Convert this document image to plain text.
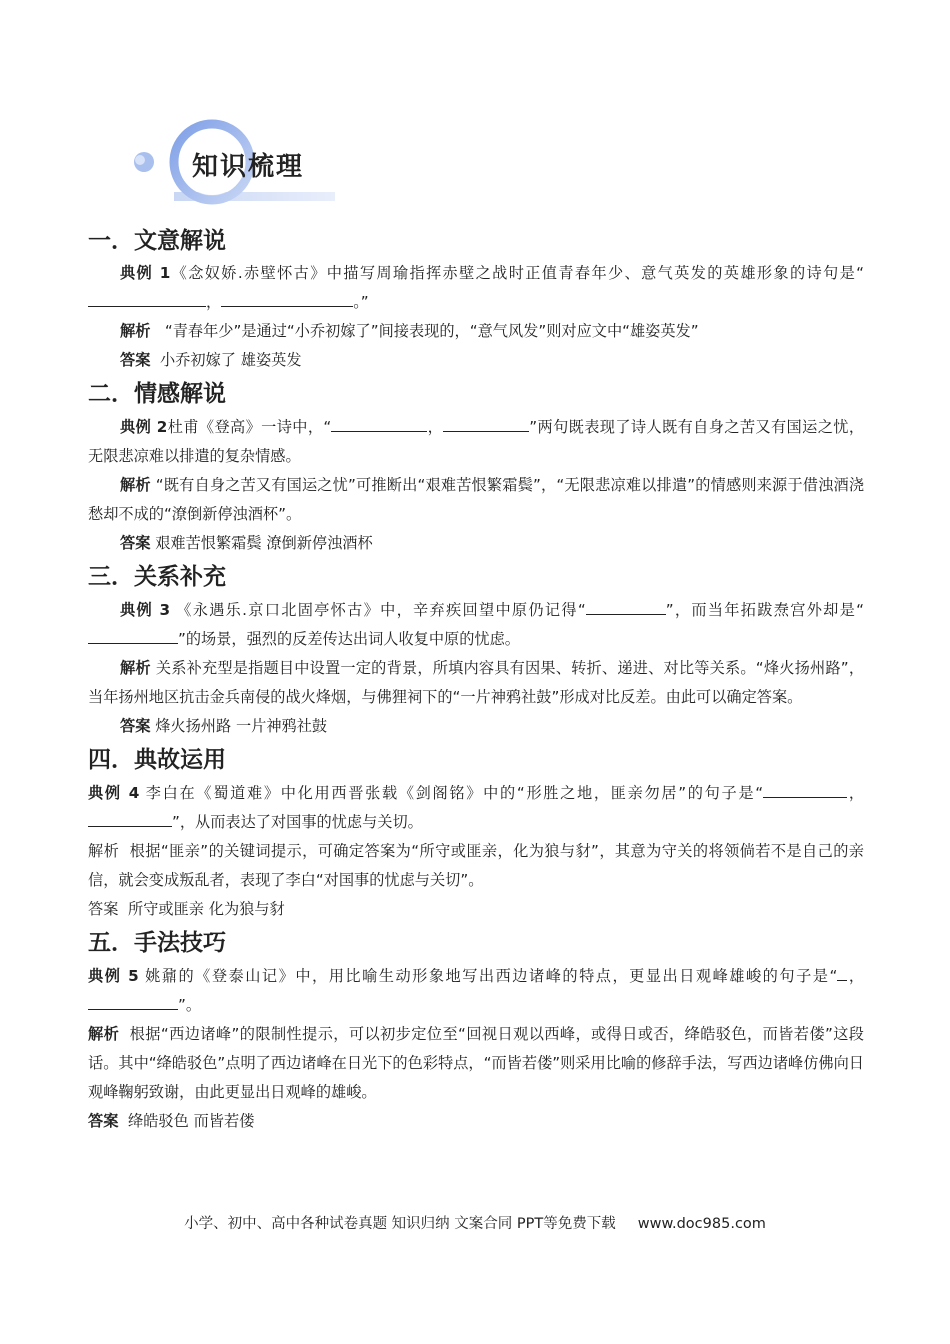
知识梳理
一．文意解说

典例 1《念奴娇.赤壁怀古》中描写周瑜指挥赤壁之战时正值青春年少、意气英发的英雄形象的诗句是“，	。”

解析   “青春年少”是通过“小乔初嫁了”间接表现的，“意气风发”则对应文中“雄姿英发”

答案 小乔初嫁了 雄姿英发

二．情感解说

典例 2杜甫《登高》一诗中，“	，	”两句既表现了诗人既有自身之苦又有国运之忧，无限悲凉难以排遣的复杂情感。

解析 “既有自身之苦又有国运之忧”可推断出“艰难苦恨繁霜鬓”，“无限悲凉难以排遣”的情感则来源于借浊酒浇愁却不成的“潦倒新停浊酒杯”。

答案 艰难苦恨繁霜鬓 潦倒新停浊酒杯

三．关系补充

典例 3 《永遇乐.京口北固亭怀古》中，辛弃疾回望中原仍记得“	”，而当年拓跋焘宫外却是“”的场景，强烈的反差传达出词人收复中原的忧虑。

解析 关系补充型是指题目中设置一定的背景，所填内容具有因果、转折、递进、对比等关系。“烽火扬州路”，当年扬州地区抗击金兵南侵的战火烽烟，与佛狸祠下的“一片神鸦社鼓”形成对比反差。由此可以确定答案。

答案 烽火扬州路 一片神鸦社鼓

四．典故运用

典例 4 李白在《蜀道难》中化用西晋张载《剑阁铭》中的“形胜之地，匪亲勿居”的句子是“	，”，从而表达了对国事的忧虑与关切。

解析 根据“匪亲”的关键词提示，可确定答案为“所守或匪亲，化为狼与豺”，其意为守关的将领倘若不是自己的亲信，就会变成叛乱者，表现了李白“对国事的忧虑与关切”。

答案 所守或匪亲 化为狼与豺

五．手法技巧

典例 5 姚鼐的《登泰山记》中，用比喻生动形象地写出西边诸峰的特点，更显出日观峰雄峻的句子是“ ，”。

解析 根据“西边诸峰”的限制性提示，可以初步定位至“回视日观以西峰，或得日或否，绛皓驳色，而皆若偻”这段话。其中“绛皓驳色”点明了西边诸峰在日光下的色彩特点，“而皆若偻”则采用比喻的修辞手法，写西边诸峰仿佛向日观峰鞠躬致谢，由此更显出日观峰的雄峻。

答案 绛皓驳色 而皆若偻

小学、初中、高中各种试卷真题 知识归纳 文案合同 PPT等免费下载 www.doc985.com
